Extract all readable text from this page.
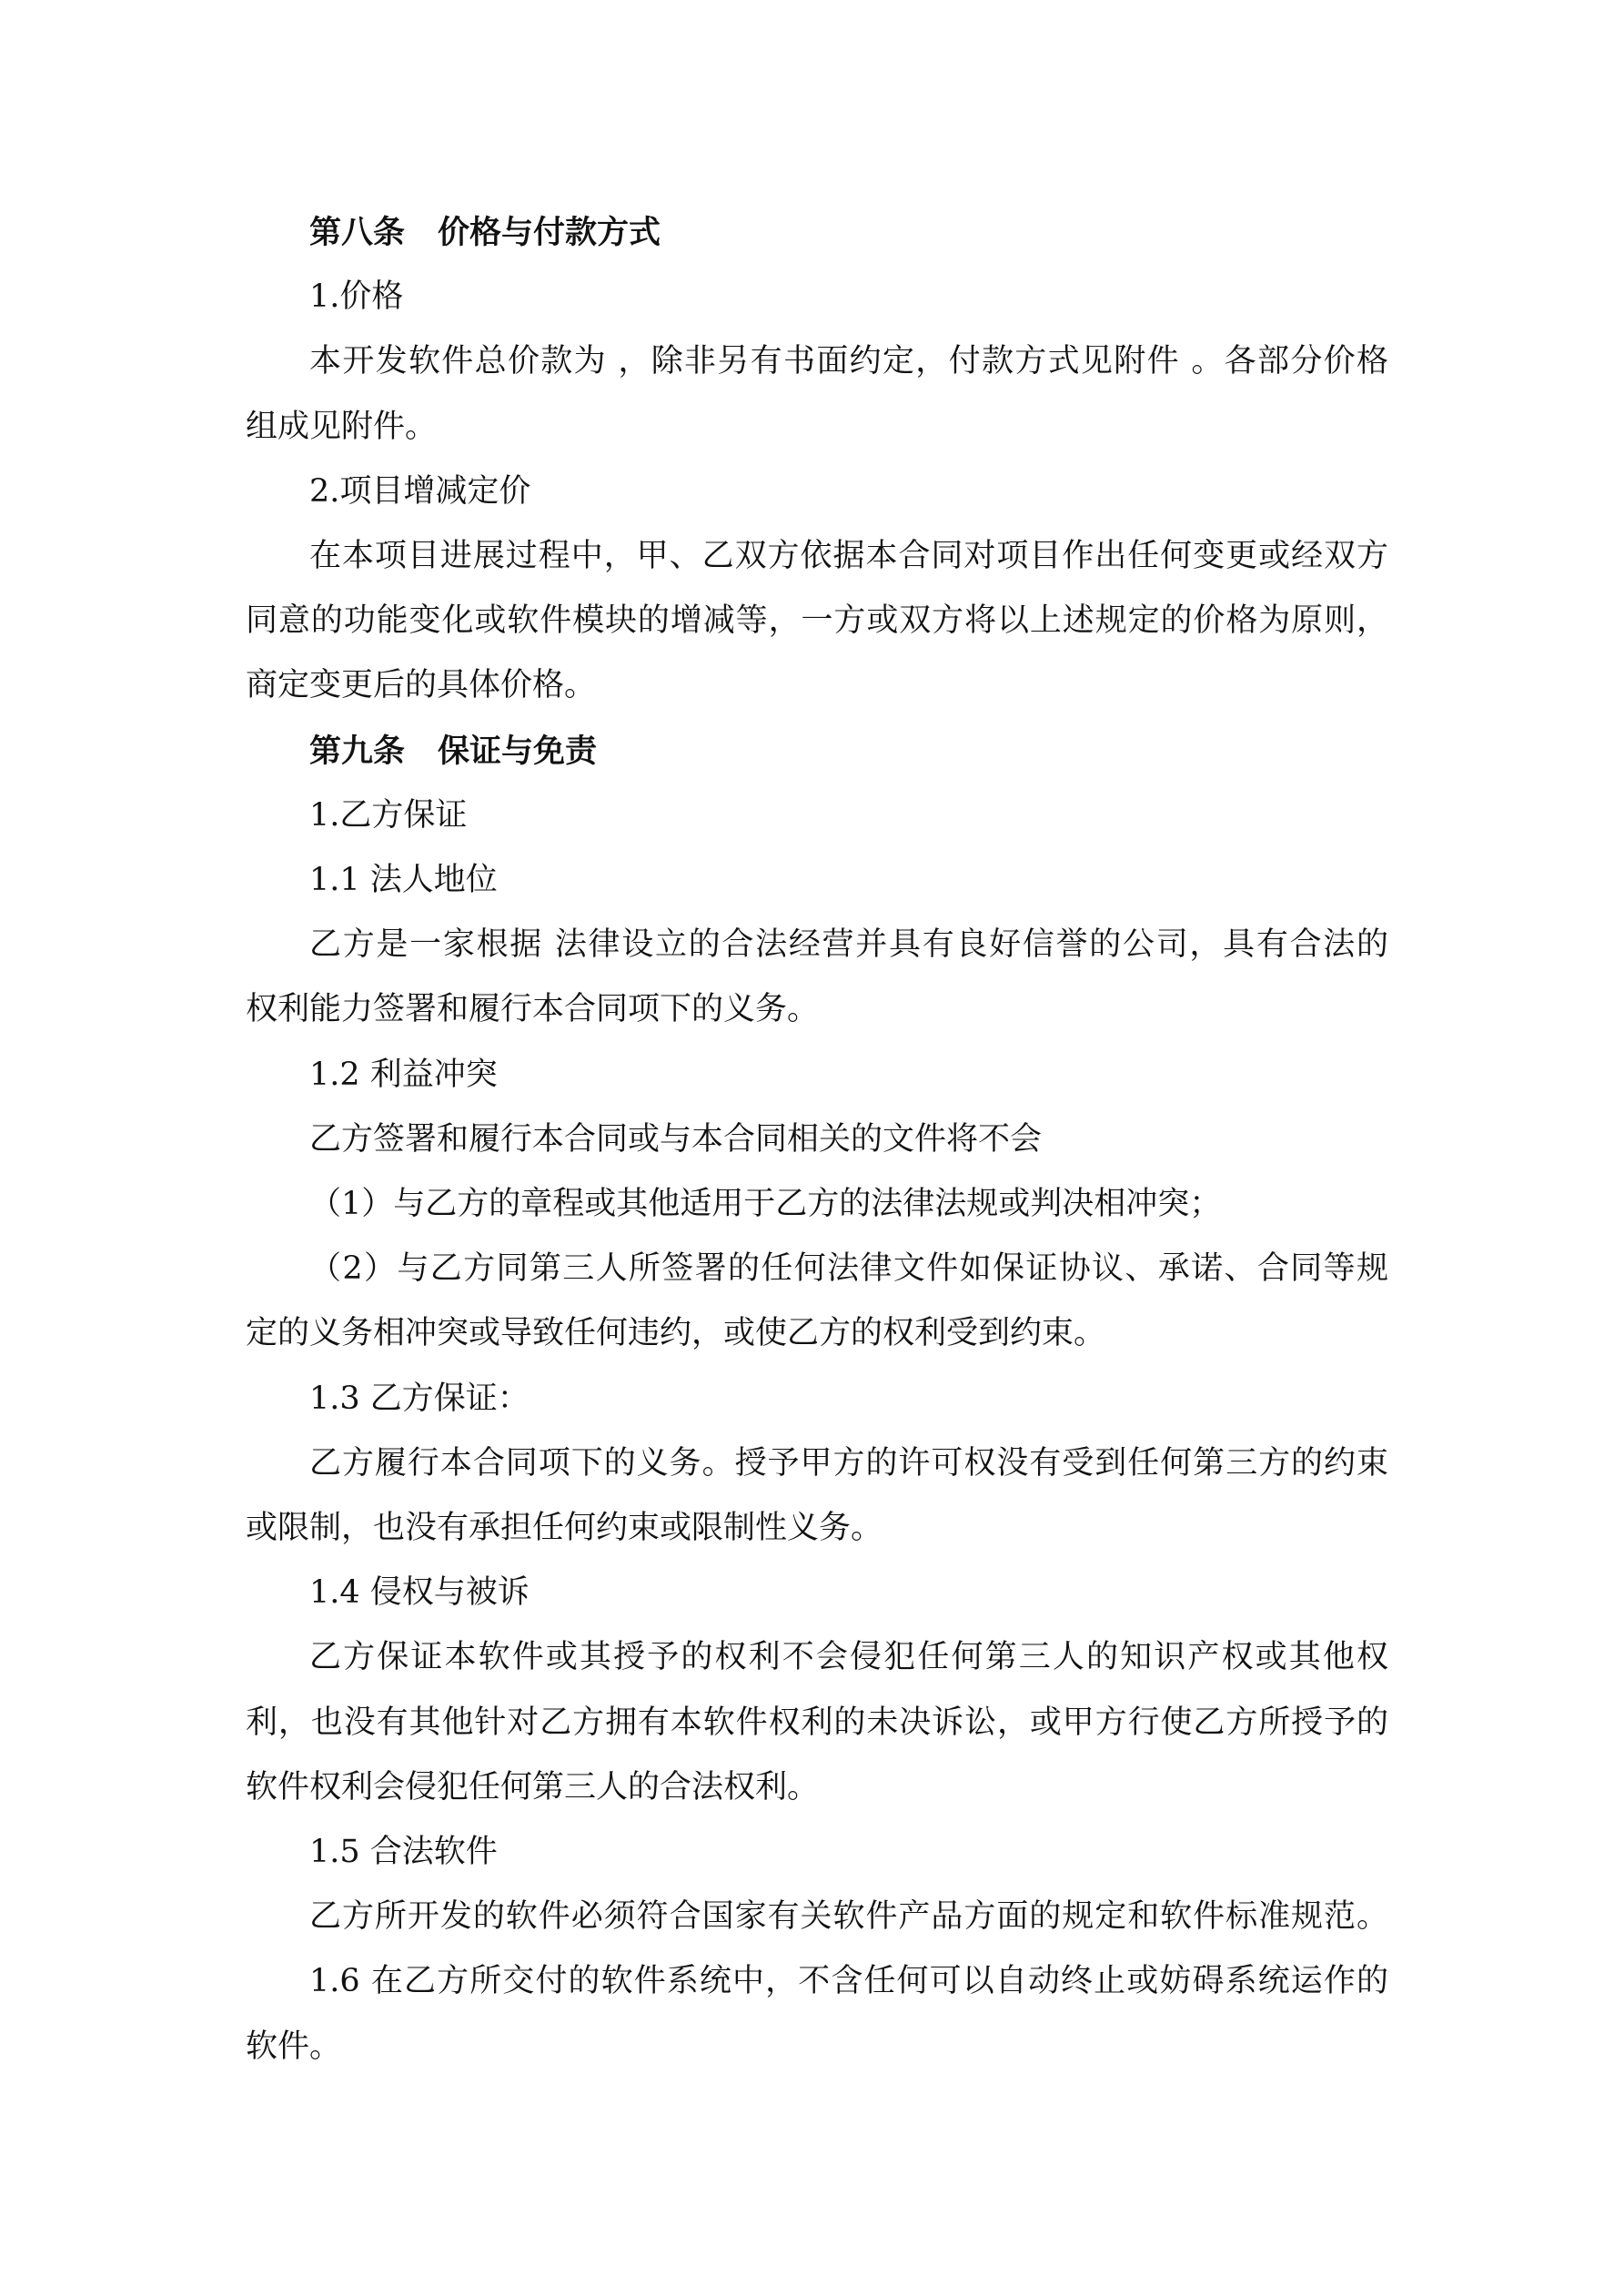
第八条 价格与付款方式

1.价格

本开发软件总价款为 ，除非另有书面约定，付款方式见附件 。各部分价格

组成见附件。

2.项目增减定价

在本项目进展过程中，甲、乙双方依据本合同对项目作出任何变更或经双方

同意的功能变化或软件模块的增减等，一方或双方将以上述规定的价格为原则，

商定变更后的具体价格。

第九条 保证与免责

1.乙方保证

1.1 法人地位

乙方是一家根据 法律设立的合法经营并具有良好信誉的公司，具有合法的

权利能力签署和履行本合同项下的义务。

1.2 利益冲突

乙方签署和履行本合同或与本合同相关的文件将不会

（1）与乙方的章程或其他适用于乙方的法律法规或判决相冲突；

（2）与乙方同第三人所签署的任何法律文件如保证协议、承诺、合同等规

定的义务相冲突或导致任何违约，或使乙方的权利受到约束。

1.3 乙方保证：

乙方履行本合同项下的义务。授予甲方的许可权没有受到任何第三方的约束

或限制，也没有承担任何约束或限制性义务。

1.4 侵权与被诉

乙方保证本软件或其授予的权利不会侵犯任何第三人的知识产权或其他权

利，也没有其他针对乙方拥有本软件权利的未决诉讼，或甲方行使乙方所授予的

软件权利会侵犯任何第三人的合法权利。

1.5 合法软件

乙方所开发的软件必须符合国家有关软件产品方面的规定和软件标准规范。

1.6 在乙方所交付的软件系统中，不含任何可以自动终止或妨碍系统运作的

软件。
